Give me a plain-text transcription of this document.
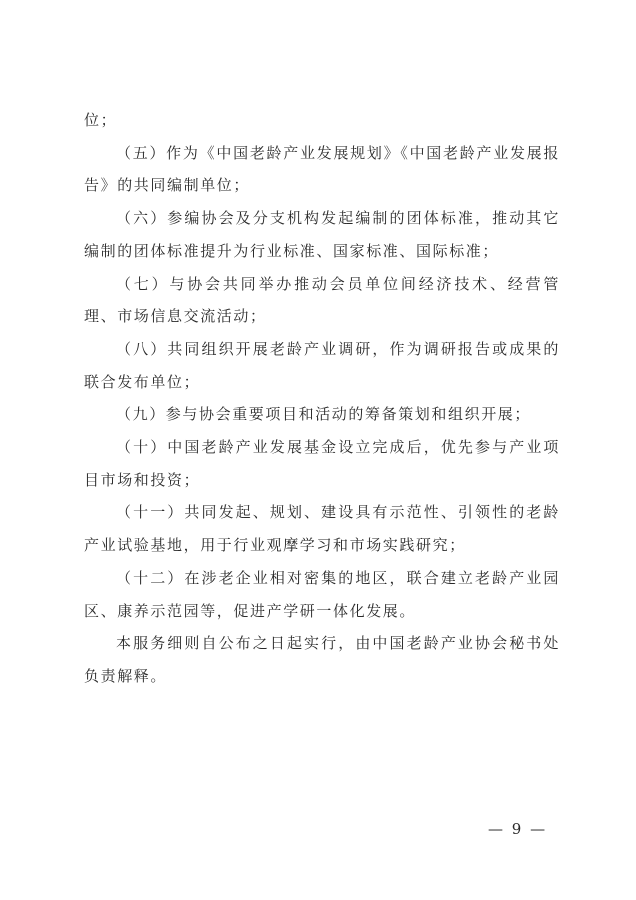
位；

（五）作为《中国老龄产业发展规划》《中国老龄产业发展报告》的共同编制单位；

（六）参编协会及分支机构发起编制的团体标准，推动其它编制的团体标准提升为行业标准、国家标准、国际标准；

（七）与协会共同举办推动会员单位间经济技术、经营管理、市场信息交流活动；

（八）共同组织开展老龄产业调研，作为调研报告或成果的联合发布单位；

（九）参与协会重要项目和活动的筹备策划和组织开展；

（十）中国老龄产业发展基金设立完成后，优先参与产业项目市场和投资；

（十一）共同发起、规划、建设具有示范性、引领性的老龄产业试验基地，用于行业观摩学习和市场实践研究；

（十二）在涉老企业相对密集的地区，联合建立老龄产业园区、康养示范园等，促进产学研一体化发展。

本服务细则自公布之日起实行，由中国老龄产业协会秘书处负责解释。

— 9 —
